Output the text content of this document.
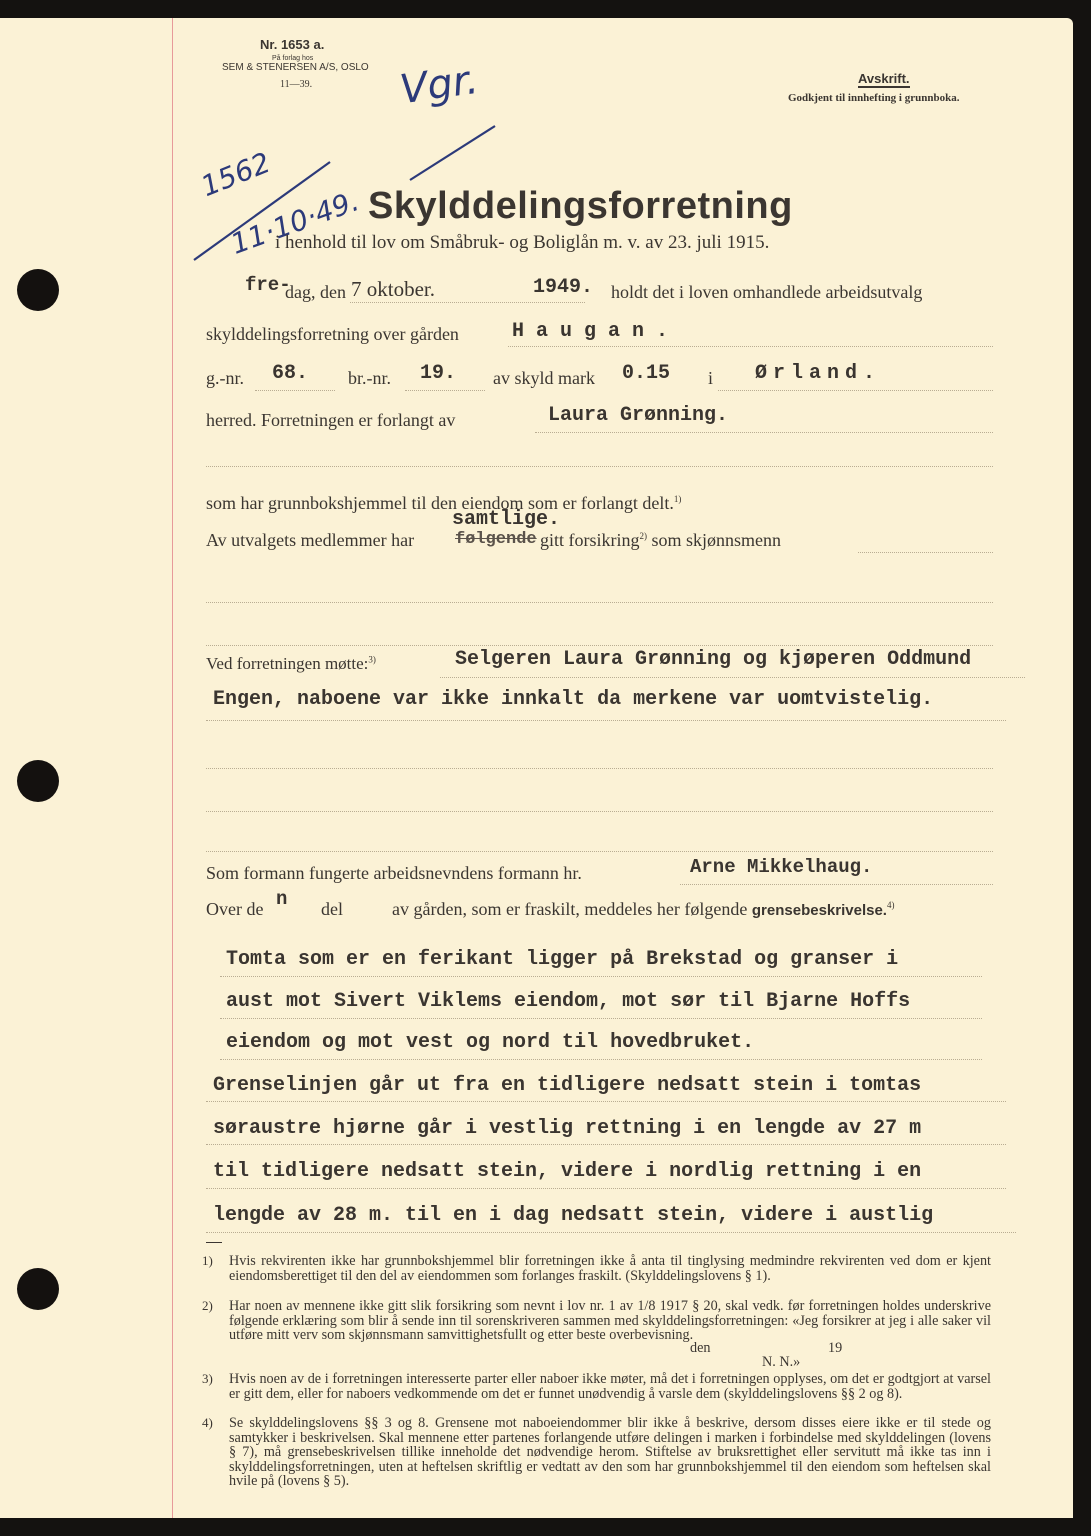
Nr. 1653 a.
På forlag hos
SEM & STENERSEN A/S, OSLO
11—39. Vgr.
1562
11·10·49.
Avskrift.
Godkjent til innhefting i grunnboka.
Skylddelingsforretning
i henhold til lov om Småbruk- og Boliglån m. v. av 23. juli 1915.
fre-
dag, den 7 oktober.	1949. holdt det i loven omhandlede arbeidsutvalg
skylddelingsforretning over gården	H a u g a n .
g.-nr. 68. br.-nr. 19. av skyld mark 0.15 i Ørland.
herred. Forretningen er forlangt av	Laura Grønning.
som har grunnbokshjemmel til den eiendom som er forlangt delt.$^{1)}$
samtlige.
Av utvalgets medlemmer har følgende gitt forsikring$^{2)}$ som skjønnsmenn
Ved forretningen møtte:$^{3)}$	Selgeren Laura Grønning og kjøperen Oddmund
Engen, naboene var ikke innkalt da merkene var uomtvistelig.
Som formann fungerte arbeidsnevndens formann hr.	Arne Mikkelhaug.
Over de n del	av gården, som er fraskilt, meddeles her følgende grensebeskrivelse.$^{4)}$
Tomta som er en ferikant ligger på Brekstad og granser i
aust mot Sivert Viklems eiendom, mot sør til Bjarne Hoffs
eiendom og mot vest og nord til hovedbruket.
Grenselinjen går ut fra en tidligere nedsatt stein i tomtas
søraustre hjørne går i vestlig rettning i en lengde av 27 m
til tidligere nedsatt stein, videre i nordlig rettning i en
lengde av 28 m. til en i dag nedsatt stein, videre i austlig
1) Hvis rekvirenten ikke har grunnbokshjemmel blir forretningen ikke å anta til tinglysing medmindre rekvirenten ved dom er kjent eiendomsberettiget til den del av eiendommen som forlanges fraskilt. (Skylddelingslovens § 1).
2) Har noen av mennene ikke gitt slik forsikring som nevnt i lov nr. 1 av 1/8 1917 § 20, skal vedk. før forretningen holdes underskrive følgende erklæring som blir å sende inn til sorenskriveren sammen med skylddelingsforretningen: «Jeg forsikrer at jeg i alle saker vil utføre mitt verv som skjønnsmann samvittighetsfullt og etter beste overbevisning.
den	19
N. N.»
3) Hvis noen av de i forretningen interesserte parter eller naboer ikke møter, må det i forretningen opplyses, om det er godtgjort at varsel er gitt dem, eller for naboers vedkommende om det er funnet unødvendig å varsle dem (skylddelingslovens §§ 2 og 8).
4) Se skylddelingslovens §§ 3 og 8. Grensene mot naboeiendommer blir ikke å beskrive, dersom disses eiere ikke er til stede og samtykker i beskrivelsen. Skal mennene etter partenes forlangende utføre delingen i marken i forbindelse med skylddelingen (lovens § 7), må grensebeskrivelsen tillike inneholde det nødvendige herom. Stiftelse av bruksrettighet eller servitutt må ikke tas inn i skylddelingsforretningen, uten at heftelsen skriftlig er vedtatt av den som har grunnbokshjemmel til den eiendom som heftelsen skal hvile på (lovens § 5).
